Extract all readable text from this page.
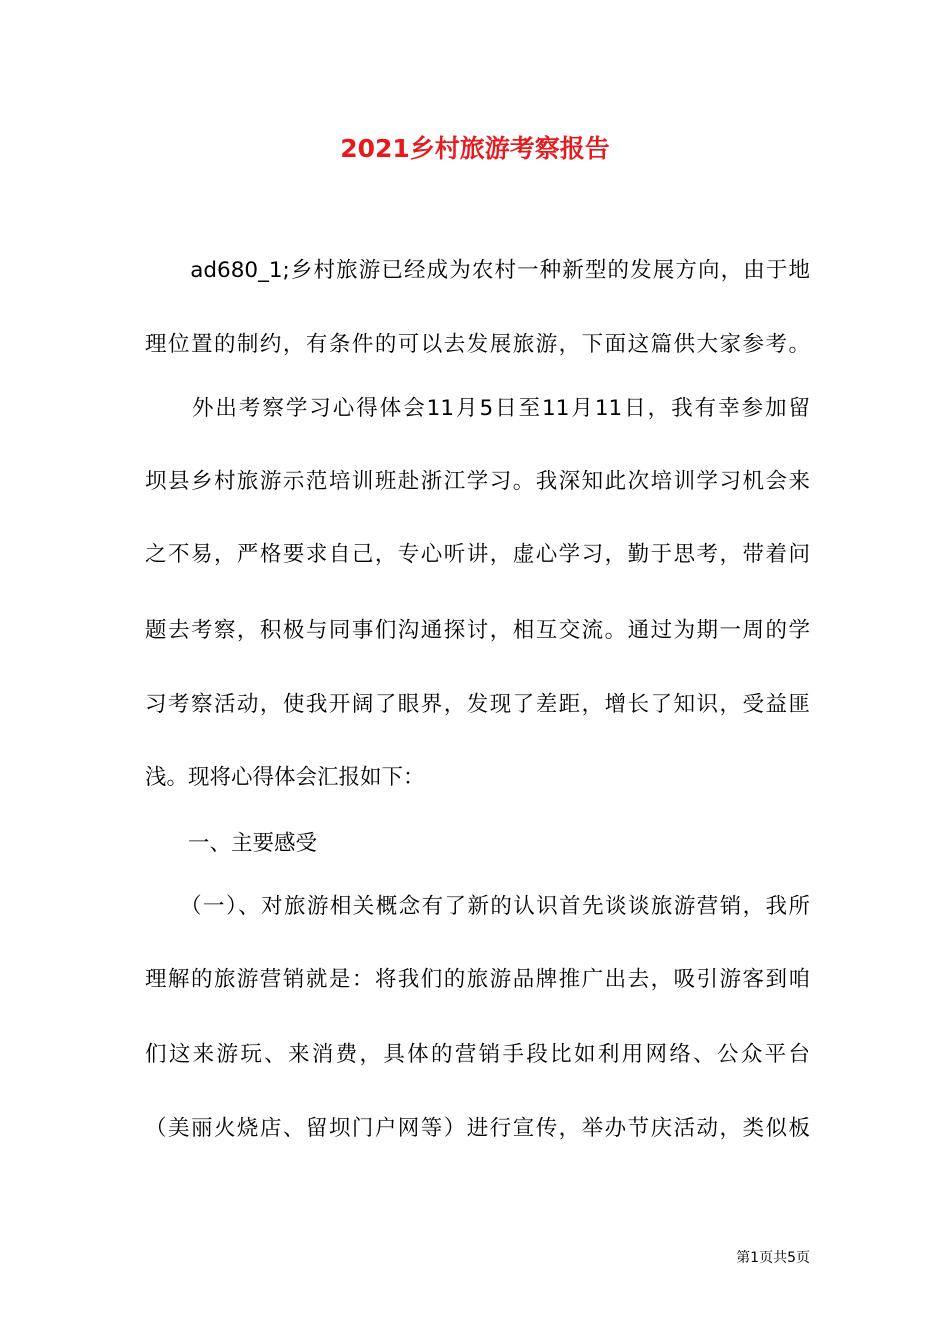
2021乡村旅游考察报告
　　ad680_1;乡村旅游已经成为农村一种新型的发展方向，由于地
理位置的制约，有条件的可以去发展旅游，下面这篇供大家参考。
　　外出考察学习心得体会11月5日至11月11日，我有幸参加留
坝县乡村旅游示范培训班赴浙江学习。我深知此次培训学习机会来
之不易，严格要求自己，专心听讲，虚心学习，勤于思考，带着问
题去考察，积极与同事们沟通探讨，相互交流。通过为期一周的学
习考察活动，使我开阔了眼界，发现了差距，增长了知识，受益匪
浅。现将心得体会汇报如下：
　　一、主要感受
　　（一）、对旅游相关概念有了新的认识首先谈谈旅游营销，我所
理解的旅游营销就是：将我们的旅游品牌推广出去，吸引游客到咱
们这来游玩、来消费，具体的营销手段比如利用网络、公众平台
（美丽火烧店、留坝门户网等）进行宣传，举办节庆活动，类似板
第1页共5页
